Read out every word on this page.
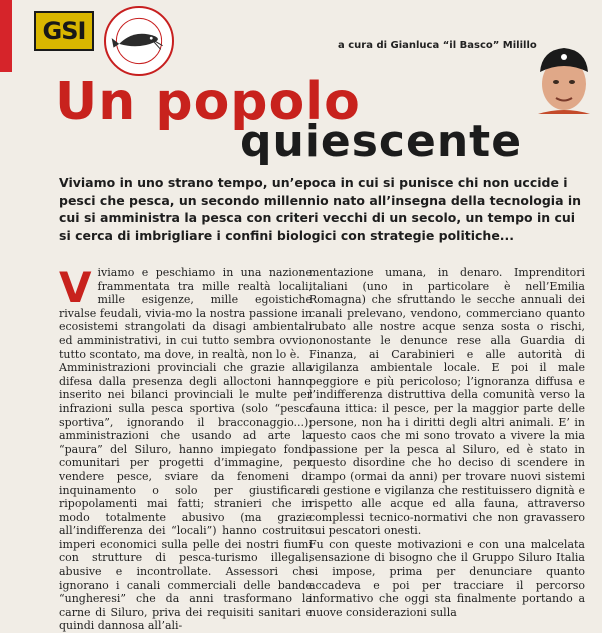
GSI
a cura di Gianluca “il Basco” Milillo
Un popolo
quiescente
Viviamo in uno strano tempo, un’epoca in cui si punisce chi non uccide i pesci che pesca, un secondo millennio nato all’insegna della tecnologia in cui si amministra la pesca con criteri vecchi di un secolo, un tempo in cui si cerca di imbrigliare i confini biologici con strategie politiche...
V iviamo e peschiamo in una nazione frammentata tra mille realtà locali, mille esigenze, mille egoistiche rivalse feudali, vivia-mo la nostra passione in ecosistemi strangolati da disagi ambientali ed amministrativi, in cui tutto sembra ovvio, tutto scontato, ma dove, in realtà, non lo è.

Amministrazioni provinciali che grazie alla difesa dalla presenza degli alloctoni hanno inserito nei bilanci provinciali le multe per infrazioni sulla pesca sportiva (solo “pesca sportiva”, ignorando il bracconaggio...); amministrazioni che usando ad arte la “paura” del Siluro, hanno impiegato fondi comunitari per progetti d’immagine, per vendere pesce, sviare da fenomeni di inquinamento o solo per giustificare ripopolamenti mai fatti; stranieri che in modo totalmente abusivo (ma grazie all’indifferenza dei “locali”) hanno costruito imperi economici sulla pelle dei nostri fiumi con strutture di pesca-turismo illegali, abusive e incontrollate. Assessori che ignorano i canali commerciali delle bande “ungheresi” che da anni trasformano la carne di Siluro, priva dei requisiti sanitari e quindi dannosa all’ali-

mentazione umana, in denaro. Imprenditori italiani (uno in particolare è nell’Emilia Romagna) che sfruttando le secche annuali dei canali prelevano, vendono, commerciano quanto rubato alle nostre acque senza sosta o rischi, nonostante le denunce rese alla Guardia di Finanza, ai Carabinieri e alle autorità di vigilanza ambientale locale. E poi il male peggiore e più pericoloso; l’ignoranza diffusa e l’indifferenza distruttiva della comunità verso la fauna ittica: il pesce, per la maggior parte delle persone, non ha i diritti degli altri animali. E’ in questo caos che mi sono trovato a vivere la mia passione per la pesca al Siluro, ed è stato in questo disordine che ho deciso di scendere in campo (ormai da anni) per trovare nuovi sistemi di gestione e vigilanza che restituissero dignità e rispetto alle acque ed alla fauna, attraverso complessi tecnico-normativi che non gravassero sui pescatori onesti.

Fu con queste motivazioni e con una malcelata sensazione di bisogno che il Gruppo Siluro Italia si impose, prima per denunciare quanto accadeva e poi per tracciare il percorso informativo che oggi sta finalmente portando a nuove considerazioni sulla
